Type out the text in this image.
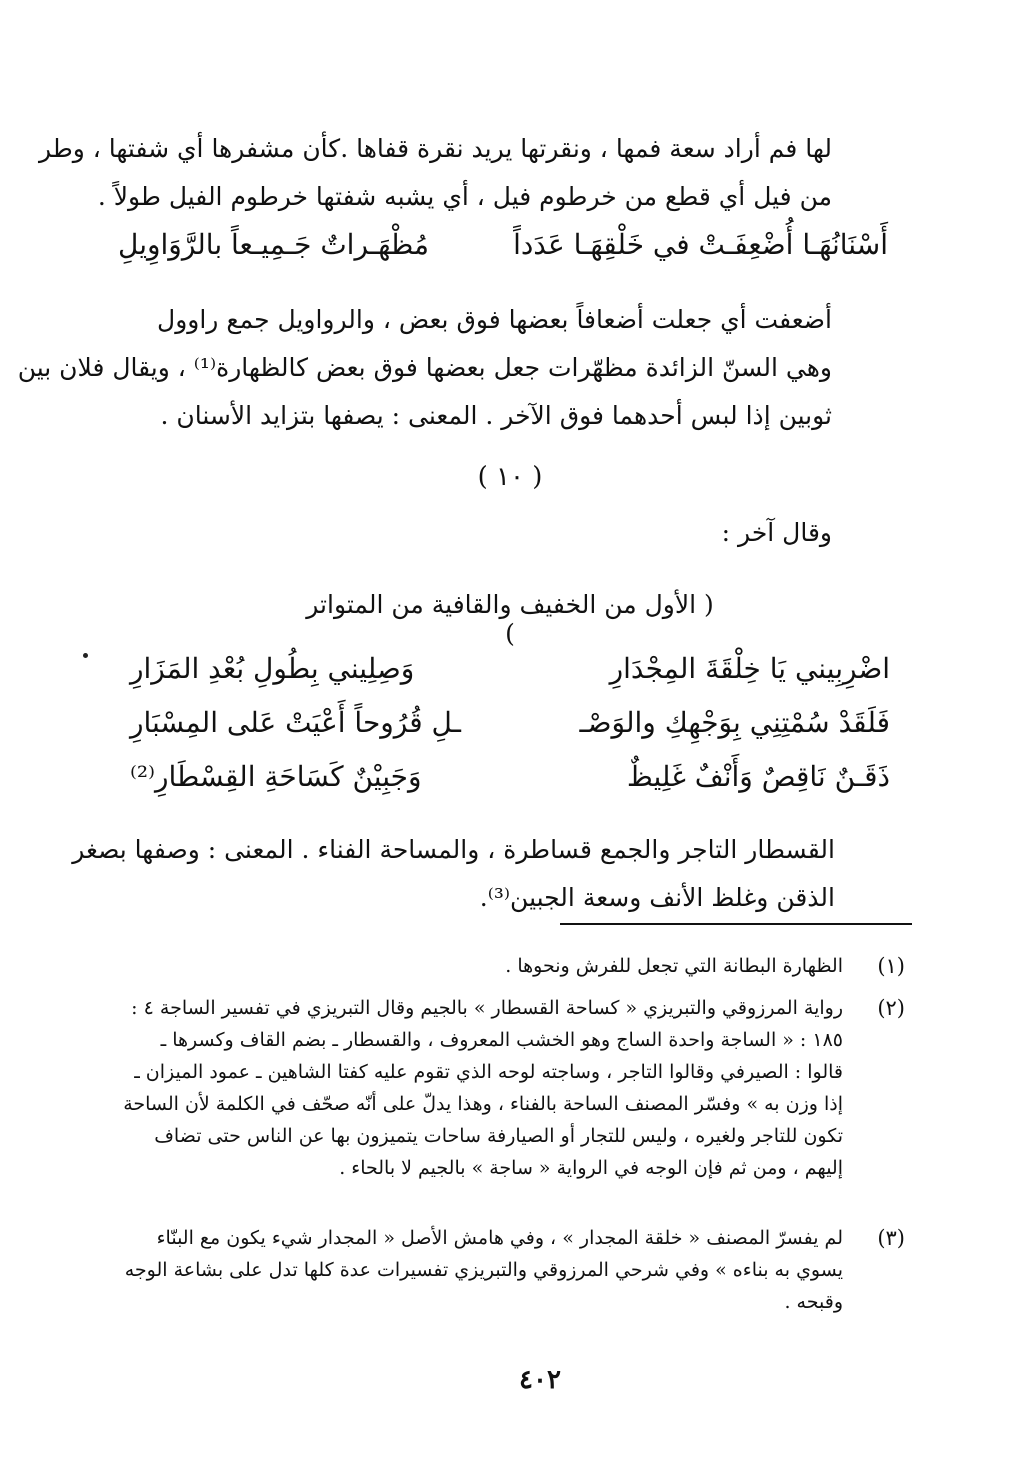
لها فم أراد سعة فمها ، ونقرتها يريد نقرة قفاها .كأن مشفرها أي شفتها ، وطر
من فيل أي قطع من خرطوم فيل ، أي يشبه شفتها خرطوم الفيل طولاً .
أَسْنَانُهَـا أُضْعِفَـتْ في خَلْقِهَـا عَدَداً
مُظْهَـراتٌ جَـمِيـعاً بالرَّوَاوِيلِ
أضعفت أي جعلت أضعافاً بعضها فوق بعض ، والرواويل جمع راوول
وهي السنّ الزائدة مظهّرات جعل بعضها فوق بعض كالظهارة⁽¹⁾ ، ويقال فلان بين
ثوبين إذا لبس أحدهما فوق الآخر . المعنى : يصفها بتزايد الأسنان .
( ١٠ )
وقال آخر :
( الأول من الخفيف والقافية من المتواتر )
اضْرِبِيني يَا خِلْقَةَ المِجْدَارِ
وَصِلِيني بِطُولِ بُعْدِ المَزَارِ
فَلَقَدْ سُمْتِنِي بِوَجْهِكِ والوَصْـ
ـلِ قُرُوحاً أَعْيَتْ عَلى المِسْبَارِ
ذَقَـنٌ نَاقِصٌ وَأَنْفٌ غَلِيظٌ
وَجَبِيْنٌ كَسَاحَةِ القِسْطَارِ⁽²⁾
القسطار التاجر والجمع قساطرة ، والمساحة الفناء . المعنى : وصفها بصغر
الذقن وغلظ الأنف وسعة الجبين⁽³⁾.
(١)
الظهارة البطانة التي تجعل للفرش ونحوها .
(٢)
رواية المرزوقي والتبريزي « كساحة القسطار » بالجيم وقال التبريزي في تفسير الساجة ٤ :
١٨٥ : « الساجة واحدة الساج وهو الخشب المعروف ، والقسطار ـ بضم القاف وكسرها ـ
قالوا : الصيرفي وقالوا التاجر ، وساجته لوحه الذي تقوم عليه كفتا الشاهين ـ عمود الميزان ـ
إذا وزن به » وفسّر المصنف الساحة بالفناء ، وهذا يدلّ على أنّه صحّف في الكلمة لأن الساحة
تكون للتاجر ولغيره ، وليس للتجار أو الصيارفة ساحات يتميزون بها عن الناس حتى تضاف
إليهم ، ومن ثم فإن الوجه في الرواية « ساجة » بالجيم لا بالحاء .
(٣)
لم يفسرّ المصنف « خلقة المجدار » ، وفي هامش الأصل « المجدار شيء يكون مع البنّاء
يسوي به بناءه » وفي شرحي المرزوقي والتبريزي تفسيرات عدة كلها تدل على بشاعة الوجه
وقبحه .
٤٠٢
